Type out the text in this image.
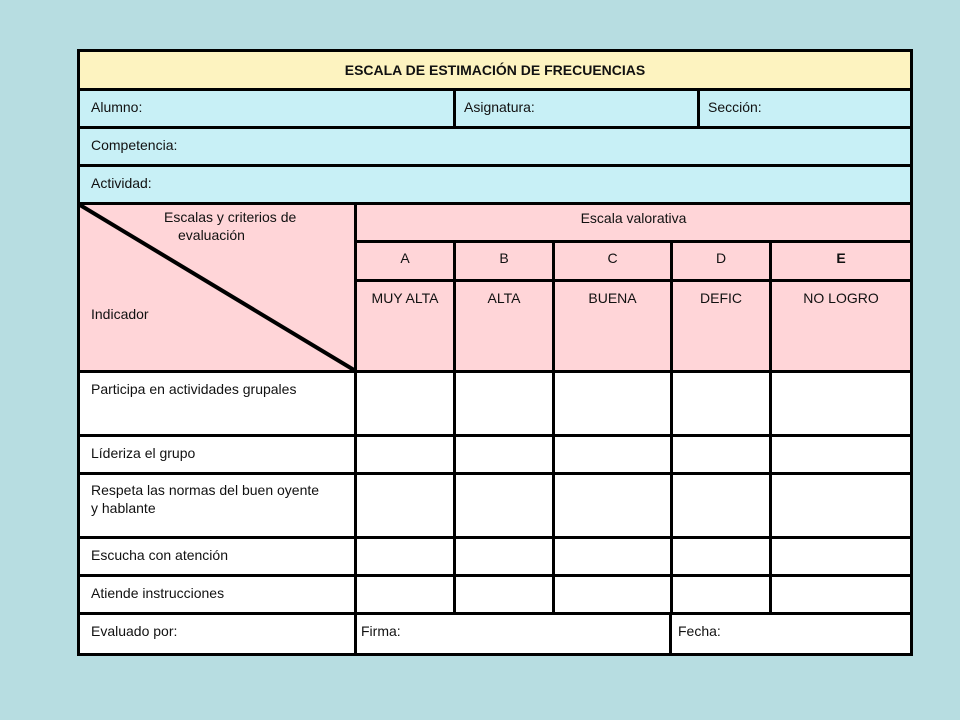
ESCALA DE ESTIMACIÓN DE FRECUENCIAS
Alumno:	Asignatura:	Sección:
Competencia:
Actividad:
Escalas y criterios de
evaluación
Indicador
Escala valorativa
A	B	C	D	E
MUY ALTA	ALTA	BUENA	DEFIC	NO LOGRO
Participa en actividades grupales
Líderiza el grupo
Respeta las normas del buen oyente y hablante
Escucha con atención
Atiende instrucciones
Evaluado por:	Firma:	Fecha:
